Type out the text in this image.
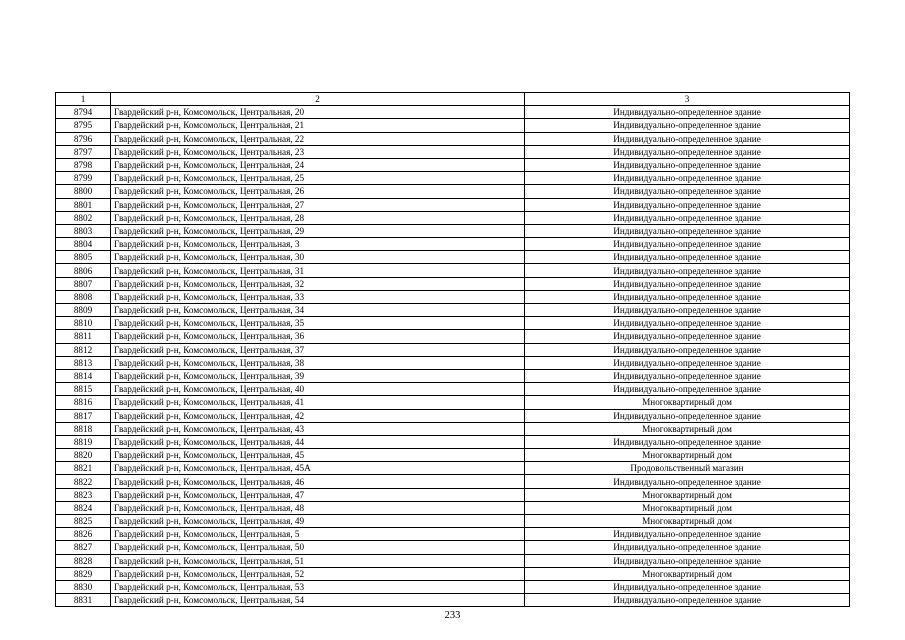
1	2	3
8794	Гвардейский р-н, Комсомольск, Центральная, 20	Индивидуально-определенное здание
8795	Гвардейский р-н, Комсомольск, Центральная, 21	Индивидуально-определенное здание
8796	Гвардейский р-н, Комсомольск, Центральная, 22	Индивидуально-определенное здание
8797	Гвардейский р-н, Комсомольск, Центральная, 23	Индивидуально-определенное здание
8798	Гвардейский р-н, Комсомольск, Центральная, 24	Индивидуально-определенное здание
8799	Гвардейский р-н, Комсомольск, Центральная, 25	Индивидуально-определенное здание
8800	Гвардейский р-н, Комсомольск, Центральная, 26	Индивидуально-определенное здание
8801	Гвардейский р-н, Комсомольск, Центральная, 27	Индивидуально-определенное здание
8802	Гвардейский р-н, Комсомольск, Центральная, 28	Индивидуально-определенное здание
8803	Гвардейский р-н, Комсомольск, Центральная, 29	Индивидуально-определенное здание
8804	Гвардейский р-н, Комсомольск, Центральная, 3	Индивидуально-определенное здание
8805	Гвардейский р-н, Комсомольск, Центральная, 30	Индивидуально-определенное здание
8806	Гвардейский р-н, Комсомольск, Центральная, 31	Индивидуально-определенное здание
8807	Гвардейский р-н, Комсомольск, Центральная, 32	Индивидуально-определенное здание
8808	Гвардейский р-н, Комсомольск, Центральная, 33	Индивидуально-определенное здание
8809	Гвардейский р-н, Комсомольск, Центральная, 34	Индивидуально-определенное здание
8810	Гвардейский р-н, Комсомольск, Центральная, 35	Индивидуально-определенное здание
8811	Гвардейский р-н, Комсомольск, Центральная, 36	Индивидуально-определенное здание
8812	Гвардейский р-н, Комсомольск, Центральная, 37	Индивидуально-определенное здание
8813	Гвардейский р-н, Комсомольск, Центральная, 38	Индивидуально-определенное здание
8814	Гвардейский р-н, Комсомольск, Центральная, 39	Индивидуально-определенное здание
8815	Гвардейский р-н, Комсомольск, Центральная, 40	Индивидуально-определенное здание
8816	Гвардейский р-н, Комсомольск, Центральная, 41	Многоквартирный дом
8817	Гвардейский р-н, Комсомольск, Центральная, 42	Индивидуально-определенное здание
8818	Гвардейский р-н, Комсомольск, Центральная, 43	Многоквартирный дом
8819	Гвардейский р-н, Комсомольск, Центральная, 44	Индивидуально-определенное здание
8820	Гвардейский р-н, Комсомольск, Центральная, 45	Многоквартирный дом
8821	Гвардейский р-н, Комсомольск, Центральная, 45А	Продовольственный магазин
8822	Гвардейский р-н, Комсомольск, Центральная, 46	Индивидуально-определенное здание
8823	Гвардейский р-н, Комсомольск, Центральная, 47	Многоквартирный дом
8824	Гвардейский р-н, Комсомольск, Центральная, 48	Многоквартирный дом
8825	Гвардейский р-н, Комсомольск, Центральная, 49	Многоквартирный дом
8826	Гвардейский р-н, Комсомольск, Центральная, 5	Индивидуально-определенное здание
8827	Гвардейский р-н, Комсомольск, Центральная, 50	Индивидуально-определенное здание
8828	Гвардейский р-н, Комсомольск, Центральная, 51	Индивидуально-определенное здание
8829	Гвардейский р-н, Комсомольск, Центральная, 52	Многоквартирный дом
8830	Гвардейский р-н, Комсомольск, Центральная, 53	Индивидуально-определенное здание
8831	Гвардейский р-н, Комсомольск, Центральная, 54	Индивидуально-определенное здание
233
